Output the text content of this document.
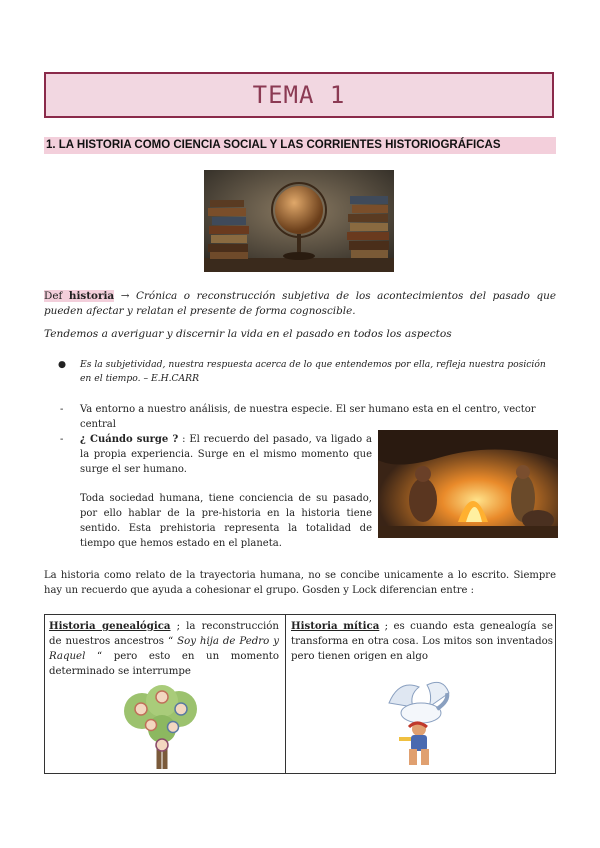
TEMA 1
1. LA HISTORIA COMO CIENCIA SOCIAL Y LAS CORRIENTES HISTORIOGRÁFICAS
Def historia → Crónica o reconstrucción subjetiva de los acontecimientos del pasado que pueden afectar y relatan el presente de forma cognoscible.
Tendemos a averiguar y discernir la vida en el pasado en todos los aspectos
●	Es la subjetividad, nuestra respuesta acerca de lo que entendemos por ella, refleja nuestra posición en el tiempo. – E.H.CARR
-	Va entorno a nuestro análisis, de nuestra especie. El ser humano esta en el centro, vector central
-	¿ Cuándo surge ? : El recuerdo del pasado, va ligado a la propia experiencia. Surge en el mismo momento que surge el ser humano.
Toda sociedad humana, tiene conciencia de su pasado, por ello hablar de la pre-historia en la historia tiene sentido. Esta prehistoria representa la totalidad de tiempo que hemos estado en el planeta.
La historia como relato de la trayectoria humana, no se concibe unicamente a lo escrito. Siempre hay un recuerdo que ayuda a cohesionar el grupo. Gosden y Lock diferencian entre :
Historia genealógica ; la reconstrucción de nuestros ancestros “ Soy hija de Pedro y Raquel “ pero esto en un momento determinado se interrumpe
Historia mítica ; es cuando esta genealogía se transforma en otra cosa. Los mitos son inventados pero tienen origen en algo
